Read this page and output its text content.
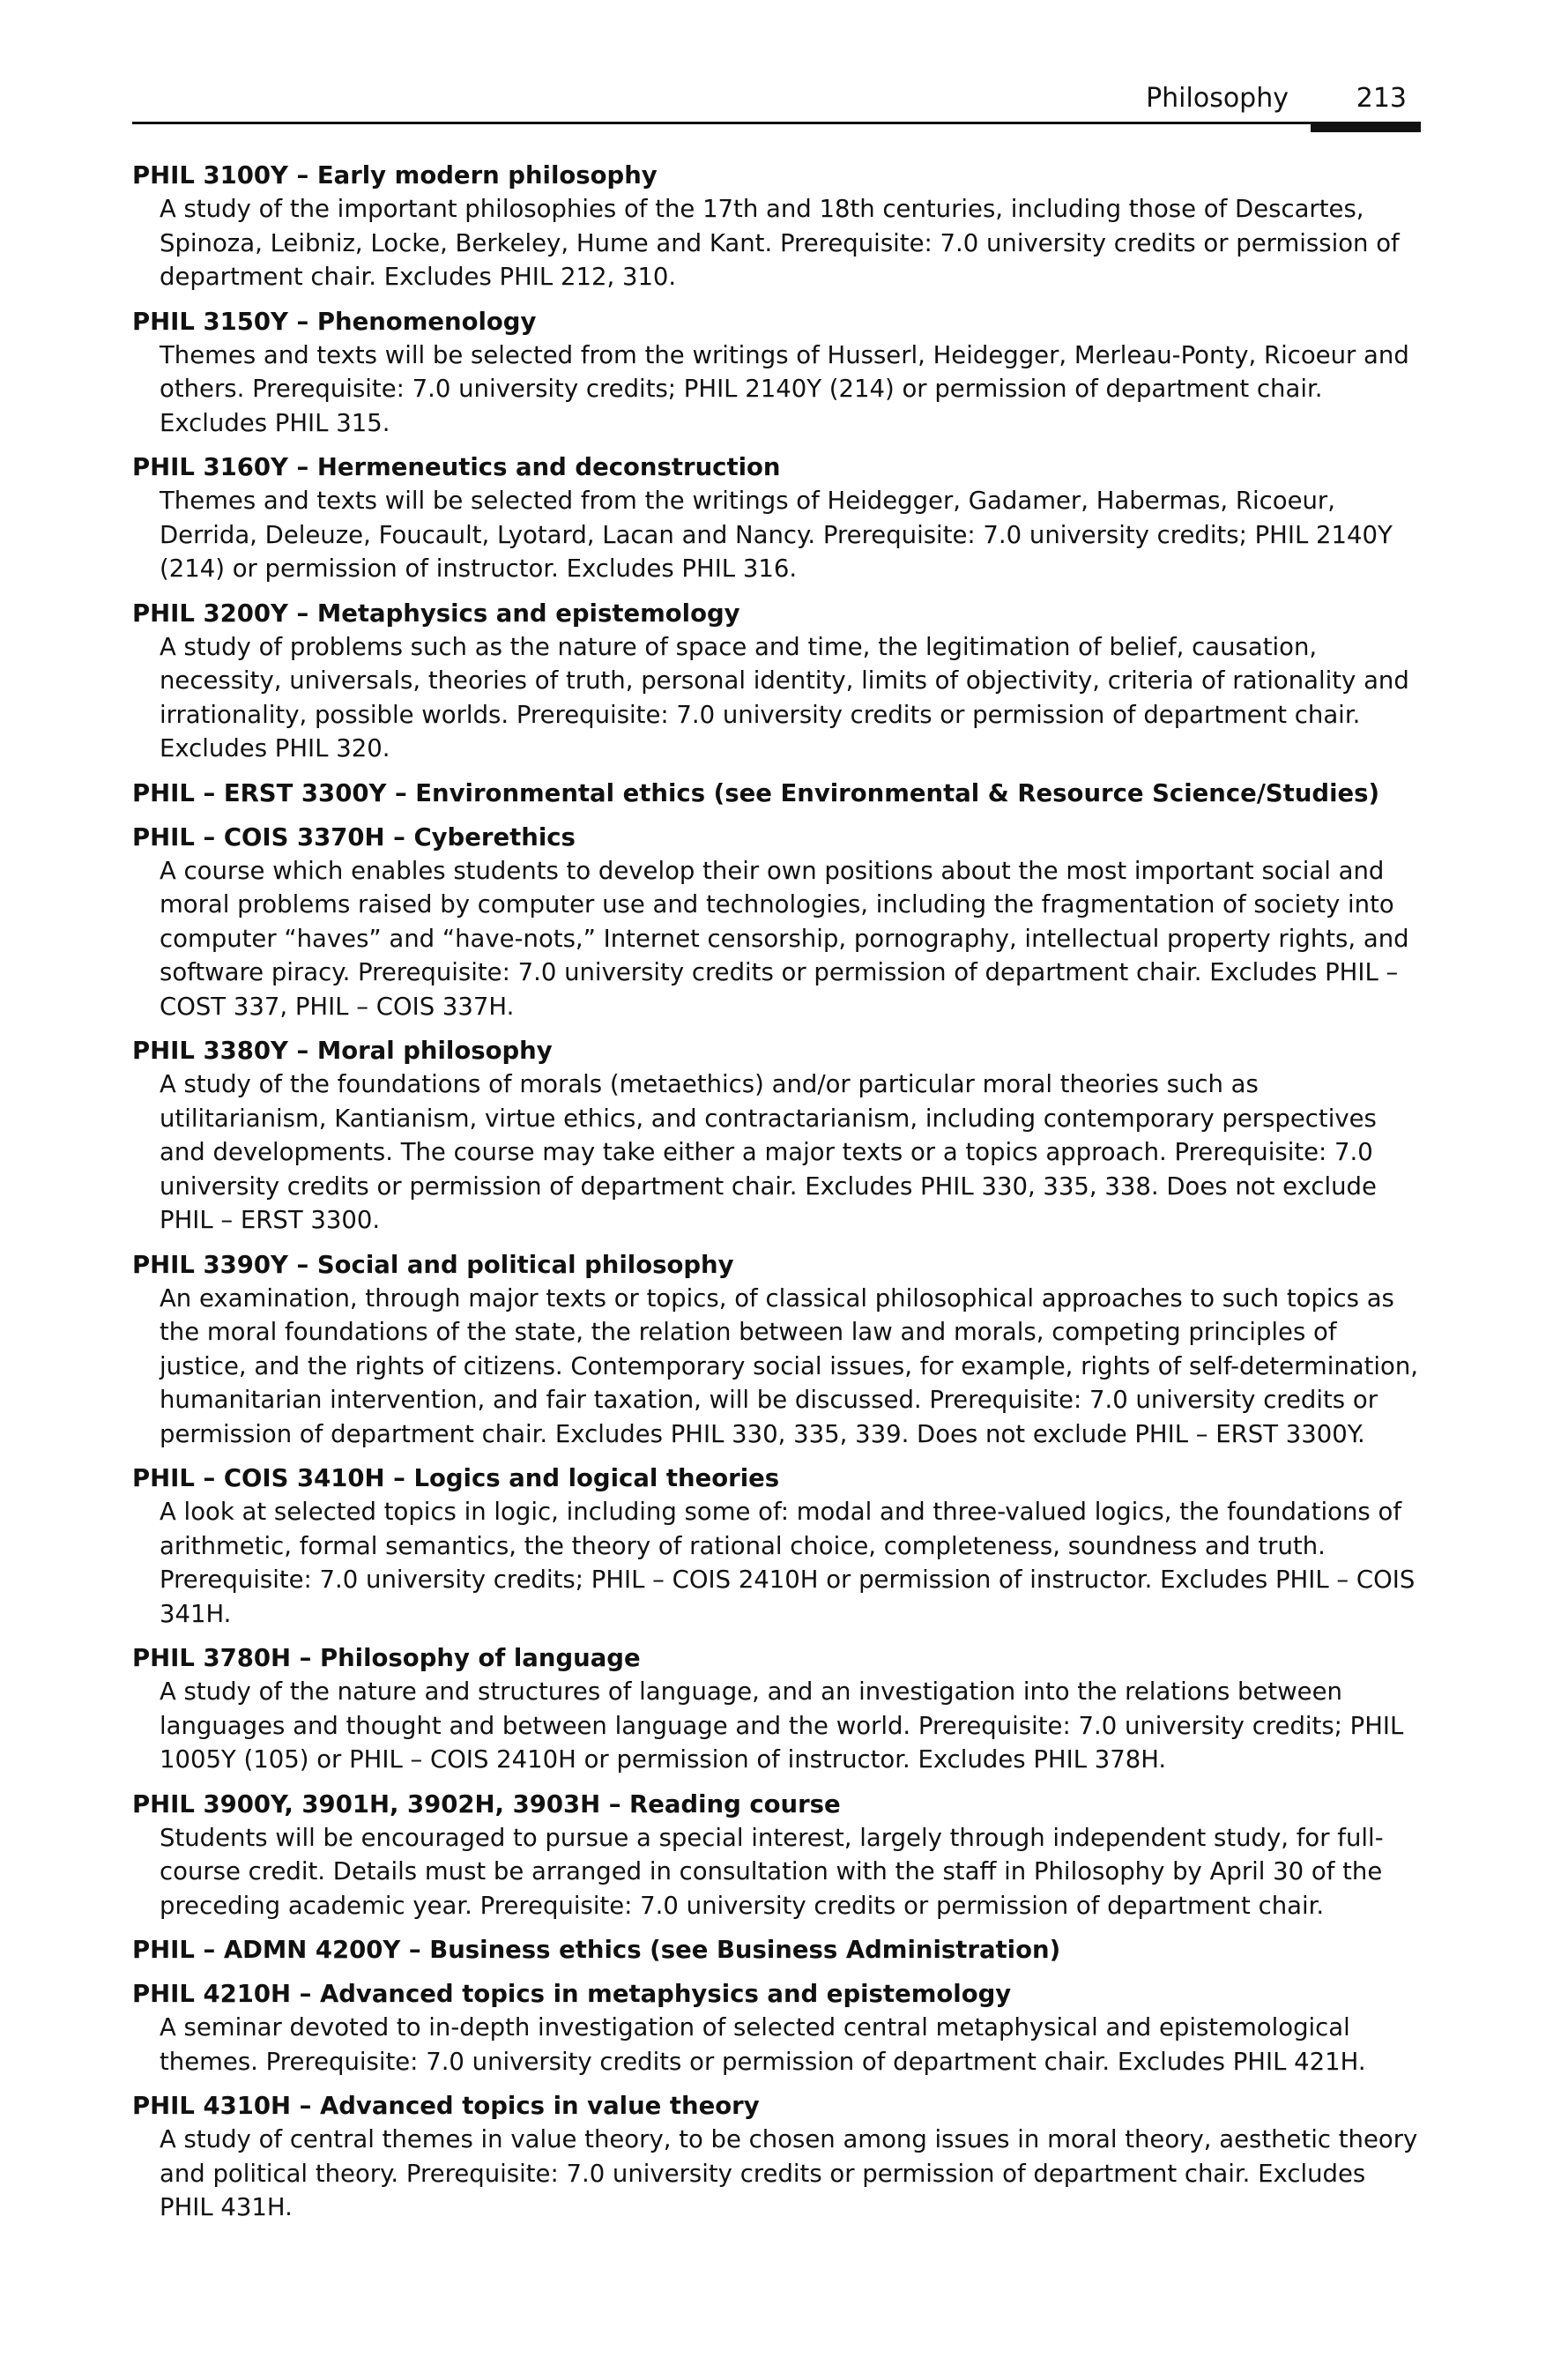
Philosophy	213
PHIL 3100Y – Early modern philosophy
A study of the important philosophies of the 17th and 18th centuries, including those of Descartes, Spinoza, Leibniz, Locke, Berkeley, Hume and Kant. Prerequisite: 7.0 university credits or permission of department chair. Excludes PHIL 212, 310.
PHIL 3150Y – Phenomenology
Themes and texts will be selected from the writings of Husserl, Heidegger, Merleau-Ponty, Ricoeur and others. Prerequisite: 7.0 university credits; PHIL 2140Y (214) or permission of department chair. Excludes PHIL 315.
PHIL 3160Y – Hermeneutics and deconstruction
Themes and texts will be selected from the writings of Heidegger, Gadamer, Habermas, Ricoeur, Derrida, Deleuze, Foucault, Lyotard, Lacan and Nancy. Prerequisite: 7.0 university credits; PHIL 2140Y (214) or permission of instructor. Excludes PHIL 316.
PHIL 3200Y – Metaphysics and epistemology
A study of problems such as the nature of space and time, the legitimation of belief, causation, necessity, universals, theories of truth, personal identity, limits of objectivity, criteria of rationality and irrationality, possible worlds. Prerequisite: 7.0 university credits or permission of department chair. Excludes PHIL 320.
PHIL – ERST 3300Y – Environmental ethics (see Environmental & Resource Science/Studies)
PHIL – COIS 3370H – Cyberethics
A course which enables students to develop their own positions about the most important social and moral problems raised by computer use and technologies, including the fragmentation of society into computer “haves” and “have-nots,” Internet censorship, pornography, intellectual property rights, and software piracy. Prerequisite: 7.0 university credits or permission of department chair. Excludes PHIL – COST 337, PHIL – COIS 337H.
PHIL 3380Y – Moral philosophy
A study of the foundations of morals (metaethics) and/or particular moral theories such as utilitarianism, Kantianism, virtue ethics, and contractarianism, including contemporary perspectives and developments. The course may take either a major texts or a topics approach. Prerequisite: 7.0 university credits or permission of department chair. Excludes PHIL 330, 335, 338. Does not exclude PHIL – ERST 3300.
PHIL 3390Y – Social and political philosophy
An examination, through major texts or topics, of classical philosophical approaches to such topics as the moral foundations of the state, the relation between law and morals, competing principles of justice, and the rights of citizens. Contemporary social issues, for example, rights of self-determination, humanitarian intervention, and fair taxation, will be discussed. Prerequisite: 7.0 university credits or permission of department chair. Excludes PHIL 330, 335, 339. Does not exclude PHIL – ERST 3300Y.
PHIL – COIS 3410H – Logics and logical theories
A look at selected topics in logic, including some of: modal and three-valued logics, the foundations of arithmetic, formal semantics, the theory of rational choice, completeness, soundness and truth. Prerequisite: 7.0 university credits; PHIL – COIS 2410H or permission of instructor. Excludes PHIL – COIS 341H.
PHIL 3780H – Philosophy of language
A study of the nature and structures of language, and an investigation into the relations between languages and thought and between language and the world. Prerequisite: 7.0 university credits; PHIL 1005Y (105) or PHIL – COIS 2410H or permission of instructor. Excludes PHIL 378H.
PHIL 3900Y, 3901H, 3902H, 3903H – Reading course
Students will be encouraged to pursue a special interest, largely through independent study, for full-course credit. Details must be arranged in consultation with the staff in Philosophy by April 30 of the preceding academic year. Prerequisite: 7.0 university credits or permission of department chair.
PHIL – ADMN 4200Y – Business ethics (see Business Administration)
PHIL 4210H – Advanced topics in metaphysics and epistemology
A seminar devoted to in-depth investigation of selected central metaphysical and epistemological themes. Prerequisite: 7.0 university credits or permission of department chair. Excludes PHIL 421H.
PHIL 4310H – Advanced topics in value theory
A study of central themes in value theory, to be chosen among issues in moral theory, aesthetic theory and political theory. Prerequisite: 7.0 university credits or permission of department chair. Excludes PHIL 431H.
